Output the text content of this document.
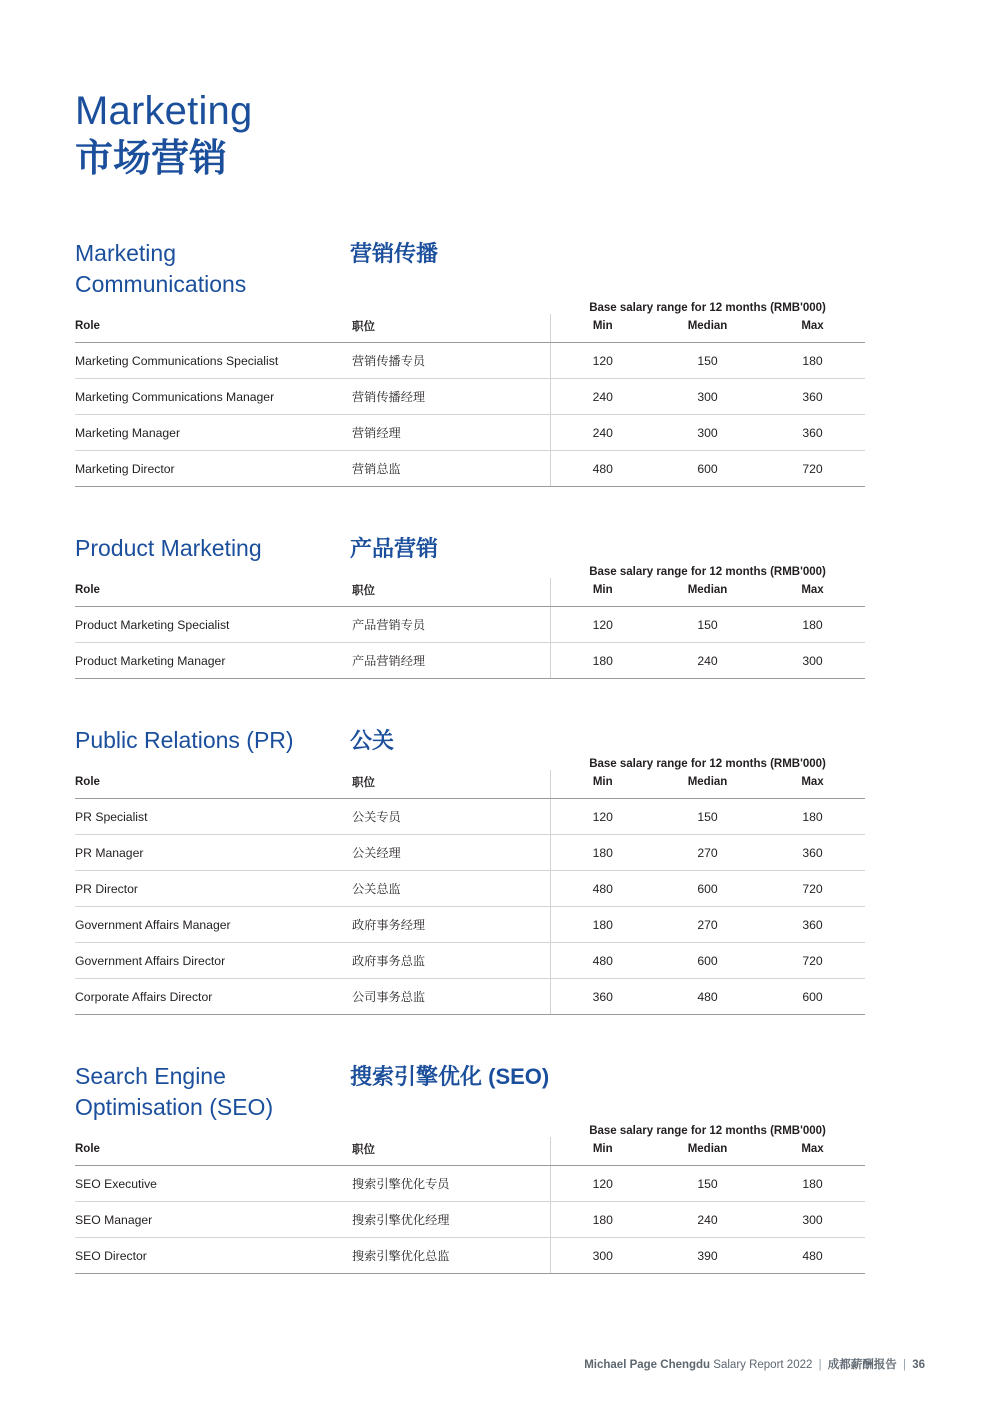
Marketing
市场营销
Marketing Communications
营销传播
		Base salary range for 12 months (RMB'000)		
Role	职位	Min	Median	Max
Marketing Communications Specialist	营销传播专员	120	150	180
Marketing Communications Manager	营销传播经理	240	300	360
Marketing Manager	营销经理	240	300	360
Marketing Director	营销总监	480	600	720
Product Marketing	产品营销
		Base salary range for 12 months (RMB'000)		
Role	职位	Min	Median	Max
Product Marketing Specialist	产品营销专员	120	150	180
Product Marketing Manager	产品营销经理	180	240	300
Public Relations (PR)	公关
		Base salary range for 12 months (RMB'000)		
Role	职位	Min	Median	Max
PR Specialist	公关专员	120	150	180
PR Manager	公关经理	180	270	360
PR Director	公关总监	480	600	720
Government Affairs Manager	政府事务经理	180	270	360
Government Affairs Director	政府事务总监	480	600	720
Corporate Affairs Director	公司事务总监	360	480	600
Search Engine Optimisation (SEO)
搜索引擎优化 (SEO)
		Base salary range for 12 months (RMB'000)		
Role	职位	Min	Median	Max
SEO Executive	搜索引擎优化专员	120	150	180
SEO Manager	搜索引擎优化经理	180	240	300
SEO Director	搜索引擎优化总监	300	390	480
Michael Page Chengdu Salary Report 2022 | 成都薪酬报告 | 36
